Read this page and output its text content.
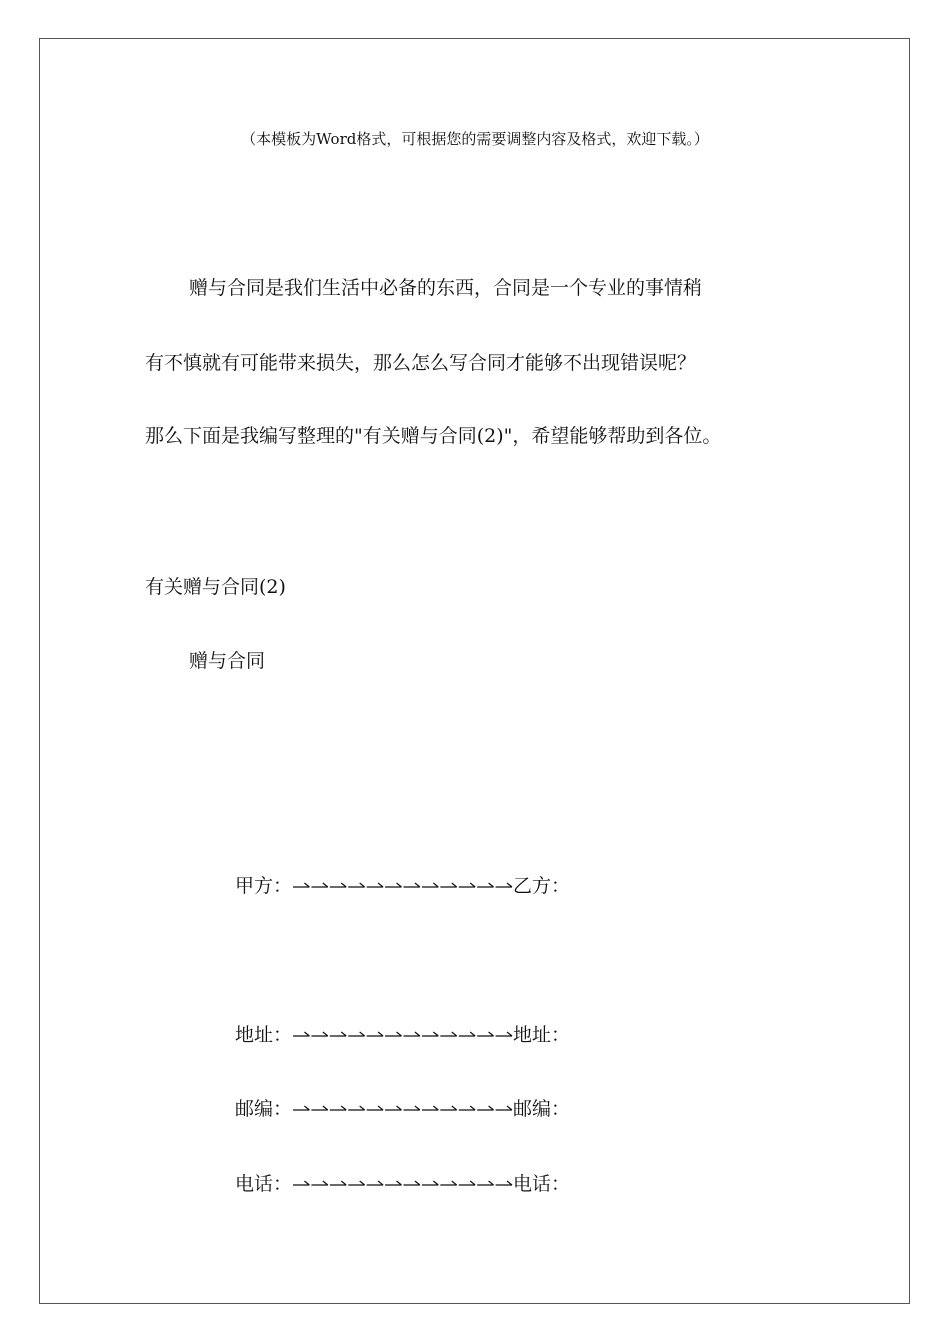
（本模板为Word格式，可根据您的需要调整内容及格式，欢迎下载。）
赠与合同是我们生活中必备的东西，合同是一个专业的事情稍
有不慎就有可能带来损失，那么怎么写合同才能够不出现错误呢？
那么下面是我编写整理的"有关赠与合同(2)"，希望能够帮助到各位。
有关赠与合同(2)
赠与合同
甲方：	乙方：
地址：	地址：
邮编：	邮编：
电话：	电话：
